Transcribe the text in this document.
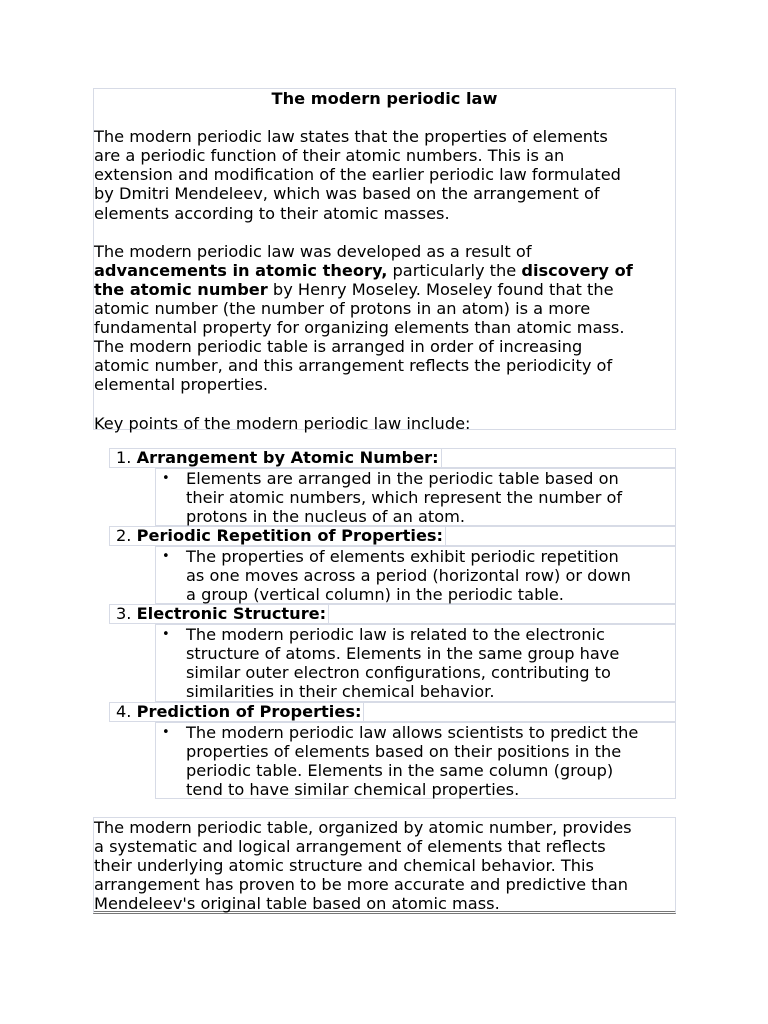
The modern periodic law

The modern periodic law states that the properties of elements

are a periodic function of their atomic numbers. This is an

extension and modification of the earlier periodic law formulated

by Dmitri Mendeleev, which was based on the arrangement of

elements according to their atomic masses.

The modern periodic law was developed as a result of

advancements in atomic theory, particularly the discovery of

the atomic number by Henry Moseley. Moseley found that the

atomic number (the number of protons in an atom) is a more

fundamental property for organizing elements than atomic mass.

The modern periodic table is arranged in order of increasing

atomic number, and this arrangement reflects the periodicity of

elemental properties.

Key points of the modern periodic law include:

1. Arrangement by Atomic Number:
• Elements are arranged in the periodic table based on
their atomic numbers, which represent the number of
protons in the nucleus of an atom.
2. Periodic Repetition of Properties:
• The properties of elements exhibit periodic repetition
as one moves across a period (horizontal row) or down
a group (vertical column) in the periodic table.
3. Electronic Structure:
• The modern periodic law is related to the electronic
structure of atoms. Elements in the same group have
similar outer electron configurations, contributing to
similarities in their chemical behavior.
4. Prediction of Properties:
• The modern periodic law allows scientists to predict the
properties of elements based on their positions in the
periodic table. Elements in the same column (group)
tend to have similar chemical properties.

The modern periodic table, organized by atomic number, provides

a systematic and logical arrangement of elements that reflects

their underlying atomic structure and chemical behavior. This

arrangement has proven to be more accurate and predictive than

Mendeleev's original table based on atomic mass.
